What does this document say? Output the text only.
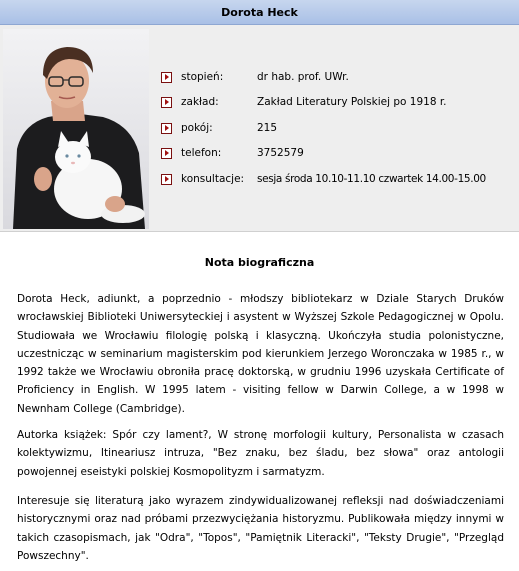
Dorota Heck
stopień:	dr hab. prof. UWr.
zakład:	Zakład Literatury Polskiej po 1918 r.
pokój:	215
telefon:	3752579
konsultacje:	sesja środa 10.10-11.10 czwartek 14.00-15.00
Nota biograficzna

Dorota Heck, adiunkt, a poprzednio - młodszy bibliotekarz w Dziale Starych Druków wrocławskiej Biblioteki Uniwersyteckiej i asystent w Wyższej Szkole Pedagogicznej w Opolu. Studiowała we Wrocławiu filologię polską i klasyczną. Ukończyła studia polonistyczne, uczestnicząc w seminarium magisterskim pod kierunkiem Jerzego Woronczaka w 1985 r., w 1992 także we Wrocławiu obroniła pracę doktorską, w grudniu 1996 uzyskała Certificate of Proficiency in English. W 1995 latem - visiting fellow w Darwin College, a w 1998 w Newnham College (Cambridge).

Autorka książek: Spór czy lament?, W stronę morfologii kultury, Personalista w czasach kolektywizmu, Itineariusz intruza, "Bez znaku, bez śladu, bez słowa" oraz antologii powojennej eseistyki polskiej Kosmopolityzm i sarmatyzm.

Interesuje się literaturą jako wyrazem zindywidualizowanej refleksji nad doświadczeniami historycznymi oraz nad próbami przezwyciężania historyzmu. Publikowała między innymi w takich czasopismach, jak "Odra", "Topos", "Pamiętnik Literacki", "Teksty Drugie", "Przegląd Powszechny".
